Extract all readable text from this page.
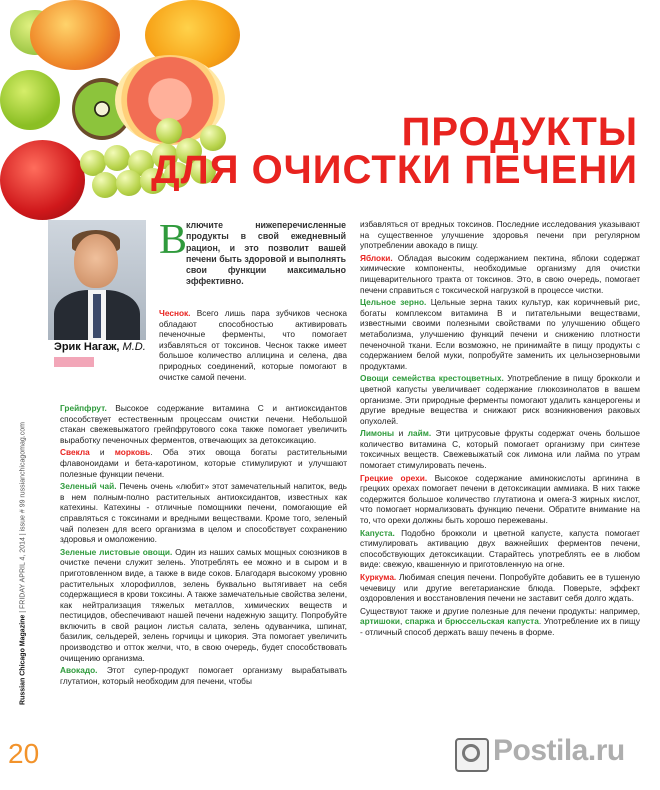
ПРОДУКТЫ
ДЛЯ ОЧИСТКИ ПЕЧЕНИ
Эрик Нагаж, M.D.
В
ключите нижеперечисленные продукты в свой ежедневный рацион, и это позволит вашей печени быть здоровой и выполнять свои функции максимально эффективно.
Чеснок. Всего лишь пара зубчиков чеснока обладают способностью активировать печеночные ферменты, что помогает избавляться от токсинов. Чеснок также имеет большое количество аллицина и селена, два природных соединений, которые помогают в очистке самой печени.

Грейпфрут. Высокое содержание витамина С и антиоксидантов способствует естественным процессам очистки печени. Небольшой стакан свежевыжатого грейпфрутового сока также помогает увеличить выработку печеночных ферментов, отвечающих за детоксикацию.

Свекла и морковь. Оба этих овоща богаты растительными флавоноидами и бета-каротином, которые стимулируют и улучшают полезные функции печени.

Зеленый чай. Печень очень «любит» этот замечательный напиток, ведь в нем полным-полно растительных антиоксидантов, известных как катехины. Катехины - отличные помощники печени, помогающие ей справляться с токсинами и вредными веществами. Кроме того, зеленый чай полезен для всего организма в целом и способствует сохранению здоровья и омоложению.

Зеленые листовые овощи. Один из наших самых мощных союзников в очистке печени служит зелень. Употреблять ее можно и в сыром и в приготовленном виде, а также в виде соков. Благодаря высокому уровню растительных хлорофиллов, зелень буквально вытягивает на себя содержащиеся в крови токсины. А также замечательные свойства зелени, как нейтрализация тяжелых металлов, химических веществ и пестицидов, обеспечивают нашей печени надежную защиту. Попробуйте включить в свой рацион листья салата, зелень одуванчика, шпинат, базилик, сельдерей, зелень горчицы и цикория. Эта помогает увеличить производство и отток желчи, что, в свою очередь, будет способствовать очищению организма.

Авокадо. Этот супер-продукт помогает организму вырабатывать глутатион, который необходим для печени, чтобы

избавляться от вредных токсинов. Последние исследования указывают на существенное улучшение здоровья печени при регулярном употреблении авокадо в пищу.

Яблоки. Обладая высоким содержанием пектина, яблоки содержат химические компоненты, необходимые организму для очистки пищеварительного тракта от токсинов. Это, в свою очередь, помогает печени справиться с токсической нагрузкой в процессе чистки.

Цельное зерно. Цельные зерна таких культур, как коричневый рис, богаты комплексом витамина В и питательными веществами, известными своими полезными свойствами по улучшению общего метаболизма, улучшению функций печени и снижению плотности печеночной ткани. Если возможно, не принимайте в пищу продукты с содержанием белой муки, попробуйте заменить их цельнозерновыми продуктами.

Овощи семейства крестоцветных. Употребление в пищу брокколи и цветной капусты увеличивает содержание глюкозинолатов в вашем организме. Эти природные ферменты помогают удалить канцерогены и другие вредные вещества и снижают риск возникновения раковых опухолей.

Лимоны и лайм. Эти цитрусовые фрукты содержат очень большое количество витамина С, который помогает организму при синтезе токсичных веществ. Свежевыжатый сок лимона или лайма по утрам помогает стимулировать печень.

Грецкие орехи. Высокое содержание аминокислоты аргинина в грецких орехах помогает печени в детоксикации аммиака. В них также содержится большое количество глутатиона и омега-3 жирных кислот, что помогает нормализовать функцию печени. Обратите внимание на то, что орехи должны быть хорошо пережеваны.

Капуста. Подобно брокколи и цветной капусте, капуста помогает стимулировать активацию двух важнейших ферментов печени, способствующих детоксикации. Старайтесь употреблять ее в любом виде: свежую, квашенную и приготовленную на огне.

Куркума. Любимая специя печени. Попробуйте добавить ее в тушеную чечевицу или другие вегетарианские блюда. Поверьте, эффект оздоровления и восстановления печени не заставит себя долго ждать.

Существуют также и другие полезные для печени продукты: например, артишоки, спаржа и брюссельская капуста. Употребление их в пищу - отличный способ держать вашу печень в форме.

Russian Chicago Magazine | FRIDAY APRIL 4, 2014 | issue # 99 russianchicagomag.com
20	Postila.ru
